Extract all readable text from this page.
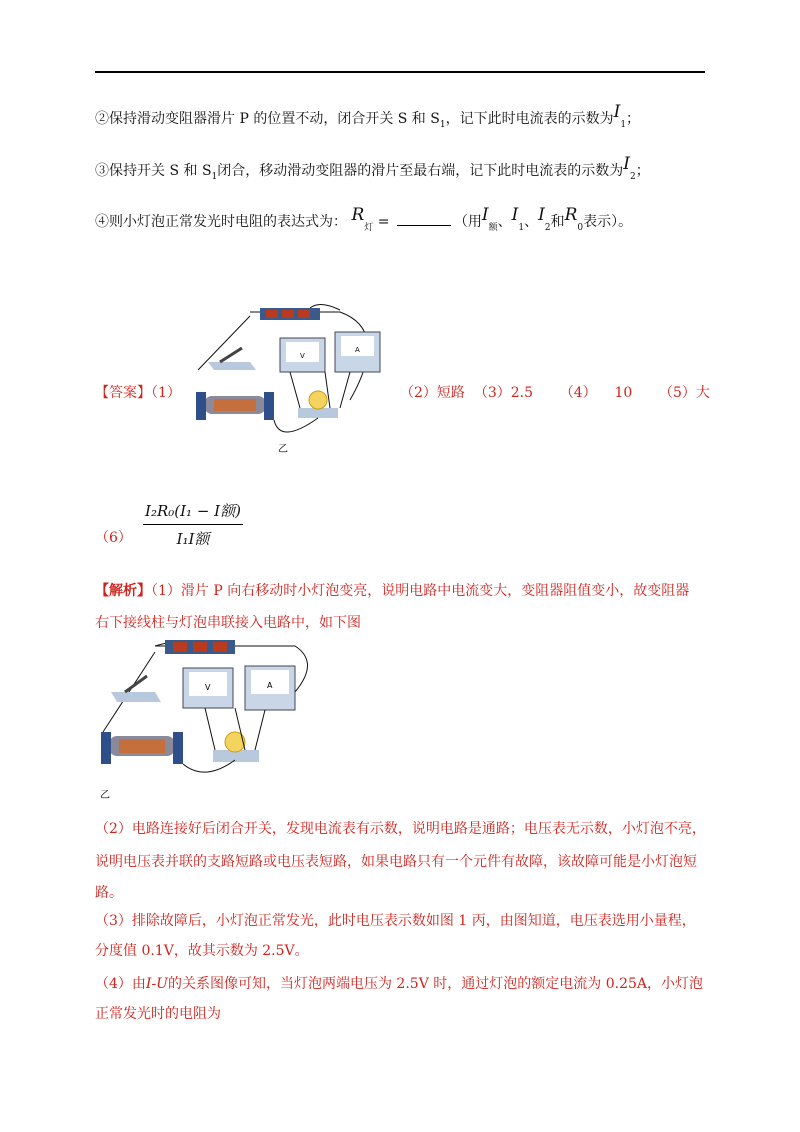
②保持滑动变阻器滑片 P 的位置不动，闭合开关 S 和 $S_1$，记下此时电流表的示数为$I_1$；
③保持开关 S 和 $S_1$闭合，移动滑动变阻器的滑片至最右端，记下此时电流表的示数为$I_2$；
④则小灯泡正常发光时电阻的表达式为： $R_灯$ =	（用$I_额$、$I_1$、$I_2$和$R_0$表示）。
【答案】（1）	（2）短路 （3）2.5 （4） 10 （5）大
V
A
乙
（6）
I₂R₀(I₁ − I额)
I₁I额
【解析】（1）滑片 P 向右移动时小灯泡变亮，说明电路中电流变大，变阻器阻值变小，故变阻器
右下接线柱与灯泡串联接入电路中，如下图
V	A
乙
（2）电路连接好后闭合开关，发现电流表有示数，说明电路是通路；电压表无示数，小灯泡不亮，
说明电压表并联的支路短路或电压表短路，如果电路只有一个元件有故障，该故障可能是小灯泡短
路。
（3）排除故障后，小灯泡正常发光，此时电压表示数如图 1 丙，由图知道，电压表选用小量程，
分度值 0.1V，故其示数为 2.5V。
（4）由I-U的关系图像可知，当灯泡两端电压为 2.5V 时，通过灯泡的额定电流为 0.25A，小灯泡
正常发光时的电阻为
